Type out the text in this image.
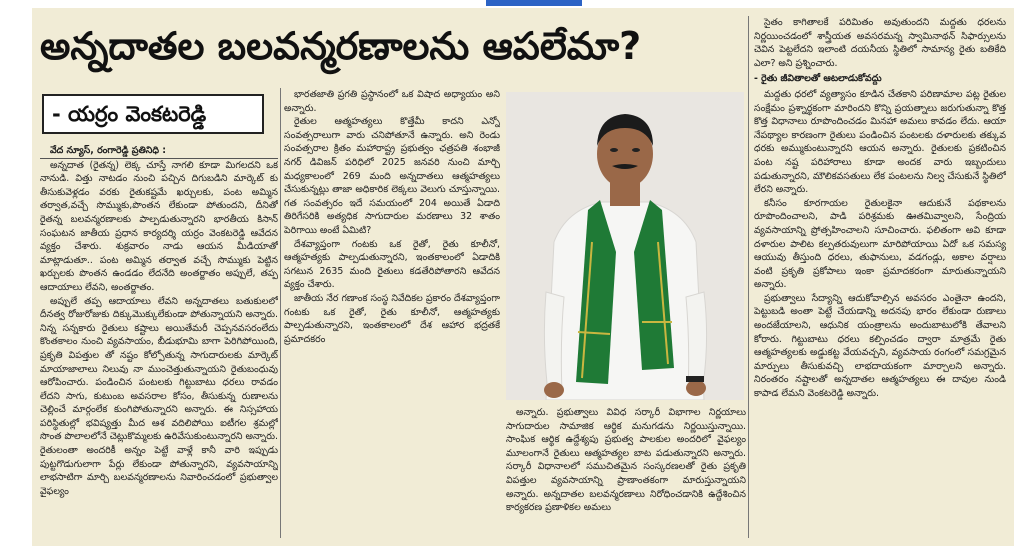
అన్నదాతల బలవన్మరణాలను ఆపలేమా?
- యర్రం వెంకటరెడ్డి

వేద న్యూస్, రంగారెడ్డి ప్రతినిధి :

అన్నదాత (రైతన్న) లెక్క చూస్తే నాగలి కూడా మిగలదని ఒక నానుడి. విత్తు నాటడం నుంచి పచ్చిన దిగుబడిని మార్కెట్ కు తీసుకువెళ్లడం వరకు రైతుకష్టమే ఖర్చులకు, పంట అమ్మిన తర్వాత,వచ్చే సొమ్ముకు,పొంతన లేకుండా పోతుందని, దీనితో రైతన్న బలవన్మరణాలకు పాల్పడుతున్నారని భారతీయ కిసాన్ సంఘటన జాతీయ ప్రధాన కార్యదర్శి యర్రం వెంకటరెడ్డి ఆవేదన వ్యక్తం చేశారు. శుక్రవారం నాడు ఆయన మీడియాతో మాట్లాడుతూ.. పంట అమ్మిన తర్వాత వచ్చే సొమ్ముకు పెట్టిన ఖర్చులకు పొంతన ఉండడం లేదనేది అంతర్జాతం అప్పులే, తప్ప ఆదాయాలు లేవని, అంతర్జాతం.

అప్పులే తప్ప ఆదాయాలు లేవని అన్నదాతలు బతుకులలో దీనత్వ రోజురోజుకు దిక్కుమొక్కులేకుండా పోతున్నాయని అన్నారు. నిన్న సన్నకారు రైతులు కష్టాలు అయితేమరీ చెప్పనవసరంలేదు కొంతకాలం నుంచి వ్యవసాయం, బీడుభూమి బాగా పెరిగిపోయింది, ప్రకృతి విపత్తుల తో నష్టం కోల్పోతున్న సాగుదారులకు మార్కెట్ మాయాజాలాలు నిలువు నా ముంచెత్తుతున్నాయని రైతుబంధువు ఆరోపించారు. పండించిన పంటలకు గిట్టుబాటు ధరలు రావడం లేదని సాగు, కుటుంబ అవసరాల కోసం, తీసుకున్న రుణాలను చెల్లించే మార్గంలేక కుంగిపోతున్నారని అన్నారు. ఈ నిస్సహాయ పరిస్థితుల్లో భవిష్యత్తు మీద ఆశ వదిలిపోయి ఐటీగల శ్రమల్లో సొంత పొలాలలోనే చెట్లుకొమ్మలకు ఉరివేసుకుంటున్నారని అన్నారు. రైతులంతా అందరికీ అన్నం పెట్టే వాళ్లే కానీ వారి ఇప్పుడు పుట్టగొడుగులాగా పేర్లు లేకుండా పోతున్నారని, వ్యవసాయాన్ని లాభసాటిగా మార్చి బలవన్మరణాలను నివారించడంలో ప్రభుత్వాల వైఫల్యం

భారతజాతి ప్రగతి ప్రస్థానంలో ఒక విషాద అధ్యాయం అని అన్నారు.

రైతుల ఆత్మహత్యలు కొత్తేమీ కాదని ఎన్నో సంవత్సరాలుగా వారు చనిపోతూనే ఉన్నారు. అని రెండు సంవత్సరాల క్రితం మహారాష్ట్ర ప్రభుత్వం ఛత్రపతి శంభాజీ నగర్ డివిజన్ పరిధిలో 2025 జనవరి నుంచి మార్చి మధ్యకాలంలో 269 మంది అన్నదాతలు ఆత్మహత్యలు చేసుకున్నట్లు తాజా అధికారిక లెక్కలు వెలుగు చూస్తున్నాయి. గత సంవత్సరం ఇదే సమయంలో 204 అయితే ఏడాది తిరిగేసరికి అత్యధిక సాగుదారుల మరణాలు 32 శాతం పెరిగాయి అంటే ఏమిటి?

దేశవ్యాప్తంగా గంటకు ఒక రైతో, రైతు కూలీనో, ఆత్మహత్యకు పాల్పడుతున్నారని, ఇంతకాలంలో ఏడాదికి సగటున 2635 మంది రైతులు కడతేరిపోతారని ఆవేదన వ్యక్తం చేశారు.

జాతీయ నేర గణాంక సంస్థ నివేదికల ప్రకారం దేశవ్యాప్తంగా గంటకు ఒక రైతో, రైతు కూలీనో, ఆత్మహత్యకు పాల్పడుతున్నారని, ఇంతకాలంలో దేశ ఆహార భద్రతకే ప్రమాదకరం

అన్నారు. ప్రభుత్వాలు వివిధ సర్కారీ విభాగాల నిర్ణయాలు సాగుదారుల సామాజిక ఆర్థిక మనుగడను నిర్ణయిస్తున్నాయి. సాంఘిక ఆర్థిక ఉద్దేశ్యపు ప్రభుత్వ పాలకుల అందరిలో వైఫల్యం మూలంగానే రైతులు ఆత్మహత్యల బాట పడుతున్నారని అన్నారు. సర్కారీ విధానాలలో సముచితమైన సంస్కరణలతో రైతు ప్రకృతి విపత్తుల వ్యవసాయాన్ని ప్రాణాంతకంగా మారుస్తున్నాయని అన్నారు. అన్నదాతల బలవన్మరణాలు నిరోధించడానికి ఉద్దేశించిన కార్యకరణ ప్రణాళికల అమలు

సైతం కాగితాలకే పరిమితం అవుతుందని మద్దతు ధరలను నిర్ణయించడంలో శాస్త్రీయత అవసరమన్న స్వామినాథన్ సిఫార్సులను చెవిన పెట్టలేదని ఇలాంటి దయనీయ స్థితిలో సామాన్య రైతు బతికేది ఎలా? అని ప్రశ్నించారు.

- రైతు జీవితాలతో ఆటలాడుకోవద్దు

మద్దతు ధరలో వ్యత్యాసం కూడిన చేతకాని పరిణామాల పట్ల రైతుల సంక్షేమం ప్రశ్నార్థకంగా మారిందని కొన్ని ప్రయత్నాలు జరుగుతున్నా కొత్త కొత్త విధానాలు రూపొందించడం మినహా అమలు కావడం లేదు. ఆయా నేపథ్యాల కారణంగా రైతులు పండించిన పంటలకు దళారులకు తక్కువ ధరకు అమ్ముకుంటున్నారని ఆయన అన్నారు. రైతులకు ప్రకటించిన పంట నష్ట పరిహారాలు కూడా అందక వారు ఇబ్బందులు పడుతున్నారని, మౌలికవసతులు లేక పంటలను నిల్వ చేసుకునే స్థితిలో లేరని అన్నారు.

కనీసం కూరగాయల రైతులకైనా ఆదుకునే పథకాలను రూపొందించాలని, పాడి పరిశ్రమకు ఊతమివ్వాలని, సేంద్రియ వ్యవసాయాన్ని ప్రోత్సహించాలని సూచించారు. ఫలితంగా అవి కూడా దళారుల పాలిట కల్పతరువులుగా మారిపోయాయి ఏదో ఒక సమస్య ఆయువు తీస్తుంది ధరలు, తుఫానులు, వడగండ్లు, అకాల వర్షాలు వంటి ప్రకృతి ప్రకోపాలు ఇంకా ప్రమాదకరంగా మారుతున్నాయని అన్నారు.

ప్రభుత్వాలు సేద్యాన్ని ఆదుకోవాల్సిన అవసరం ఎంతైనా ఉందని, పెట్టుబడి అంతా పెట్టే చేయడాన్ని అదనపు భారం లేకుండా రుణాలు అందజేయాలని, ఆధునిక యంత్రాలను అందుబాటులోకి తేవాలని కోరారు. గిట్టుబాటు ధరలు కల్పించడం ద్వారా మాత్రమే రైతు ఆత్మహత్యలకు అడ్డుకట్ట వేయవచ్చని, వ్యవసాయ రంగంలో సమగ్రమైన మార్పులు తీసుకువచ్చి లాభదాయకంగా మార్చాలని అన్నారు. నిరంతరం నష్టాలతో అన్నదాతల ఆత్మహత్యలు ఈ దావుల నుండి కాపాడ లేమని వెంకటరెడ్డి అన్నారు.
